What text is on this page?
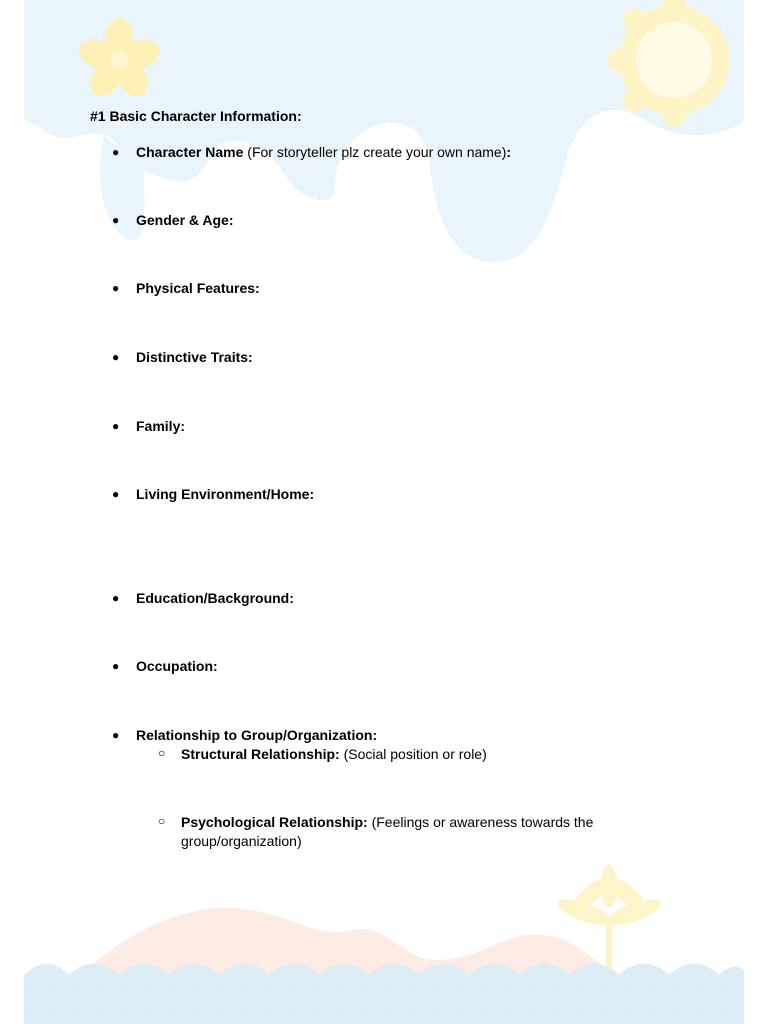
#1 Basic Character Information:
●	Character Name (For storyteller plz create your own name):
●	Gender & Age:
●	Physical Features:
●	Distinctive Traits:
●	Family:
●	Living Environment/Home:
●	Education/Background:
●	Occupation:
●	Relationship to Group/Organization:
○ Structural Relationship: (Social position or role)
○ Psychological Relationship: (Feelings or awareness towards the group/organization)
